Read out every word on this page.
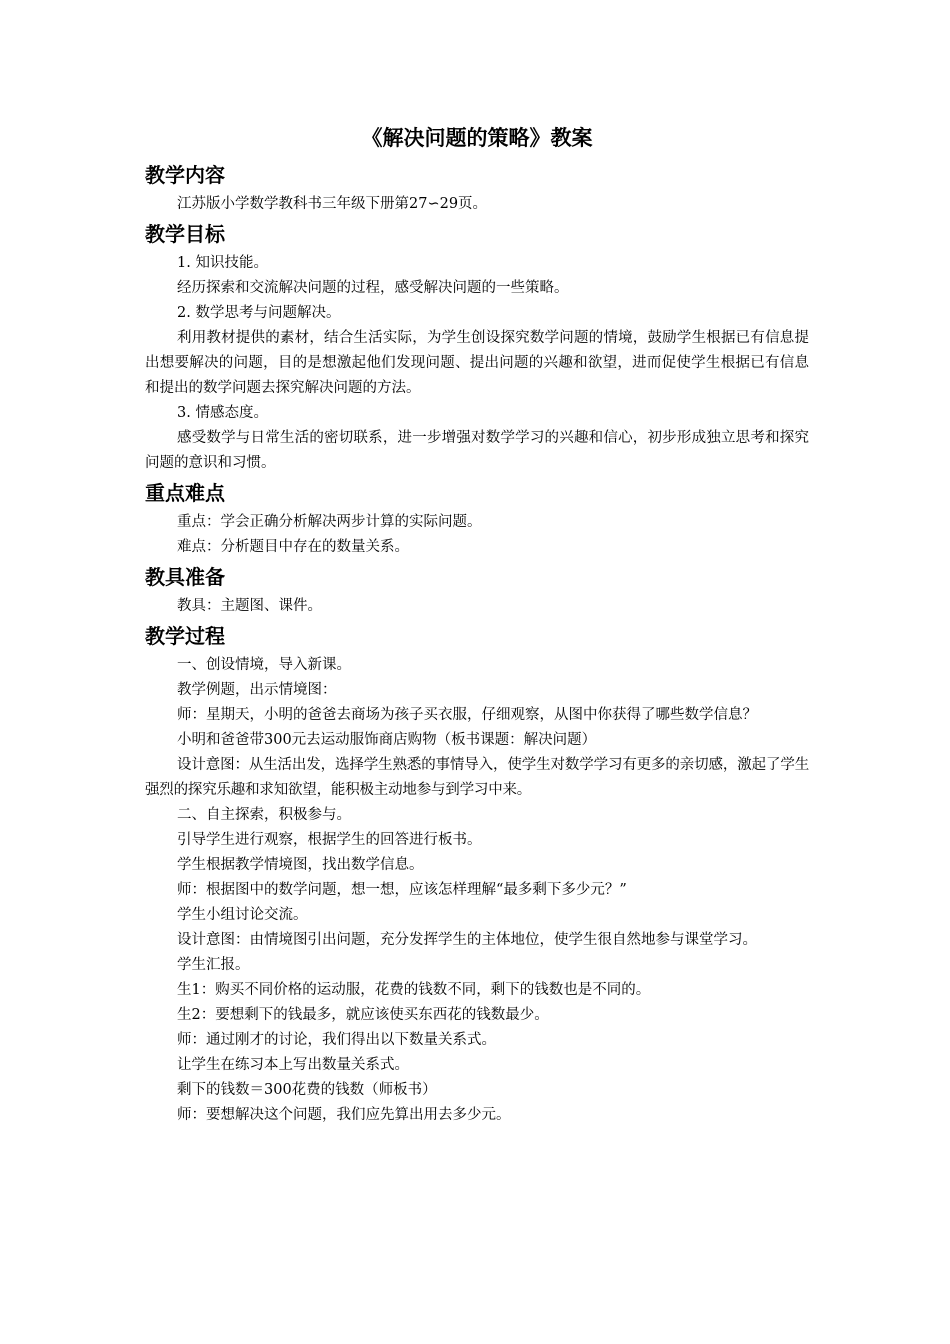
《解决问题的策略》教案
教学内容

江苏版小学数学教科书三年级下册第27∽29页。

教学目标

1. 知识技能。

经历探索和交流解决问题的过程，感受解决问题的一些策略。

2. 数学思考与问题解决。

利用教材提供的素材，结合生活实际，为学生创设探究数学问题的情境，鼓励学生根据已有信息提出想要解决的问题，目的是想激起他们发现问题、提出问题的兴趣和欲望，进而促使学生根据已有信息和提出的数学问题去探究解决问题的方法。

3. 情感态度。

感受数学与日常生活的密切联系，进一步增强对数学学习的兴趣和信心，初步形成独立思考和探究问题的意识和习惯。

重点难点

重点：学会正确分析解决两步计算的实际问题。

难点：分析题目中存在的数量关系。

教具准备

教具：主题图、课件。

教学过程

一、创设情境，导入新课。

教学例题，出示情境图：

师：星期天，小明的爸爸去商场为孩子买衣服，仔细观察，从图中你获得了哪些数学信息？

小明和爸爸带300元去运动服饰商店购物（板书课题：解决问题）

设计意图：从生活出发，选择学生熟悉的事情导入，使学生对数学学习有更多的亲切感，激起了学生强烈的探究乐趣和求知欲望，能积极主动地参与到学习中来。

二、自主探索，积极参与。

引导学生进行观察，根据学生的回答进行板书。

学生根据教学情境图，找出数学信息。

师：根据图中的数学问题，想一想，应该怎样理解“最多剩下多少元？”

学生小组讨论交流。

设计意图：由情境图引出问题，充分发挥学生的主体地位，使学生很自然地参与课堂学习。

学生汇报。

生1：购买不同价格的运动服，花费的钱数不同，剩下的钱数也是不同的。

生2：要想剩下的钱最多，就应该使买东西花的钱数最少。

师：通过刚才的讨论，我们得出以下数量关系式。

让学生在练习本上写出数量关系式。

剩下的钱数＝300花费的钱数（师板书）

师：要想解决这个问题，我们应先算出用去多少元。
